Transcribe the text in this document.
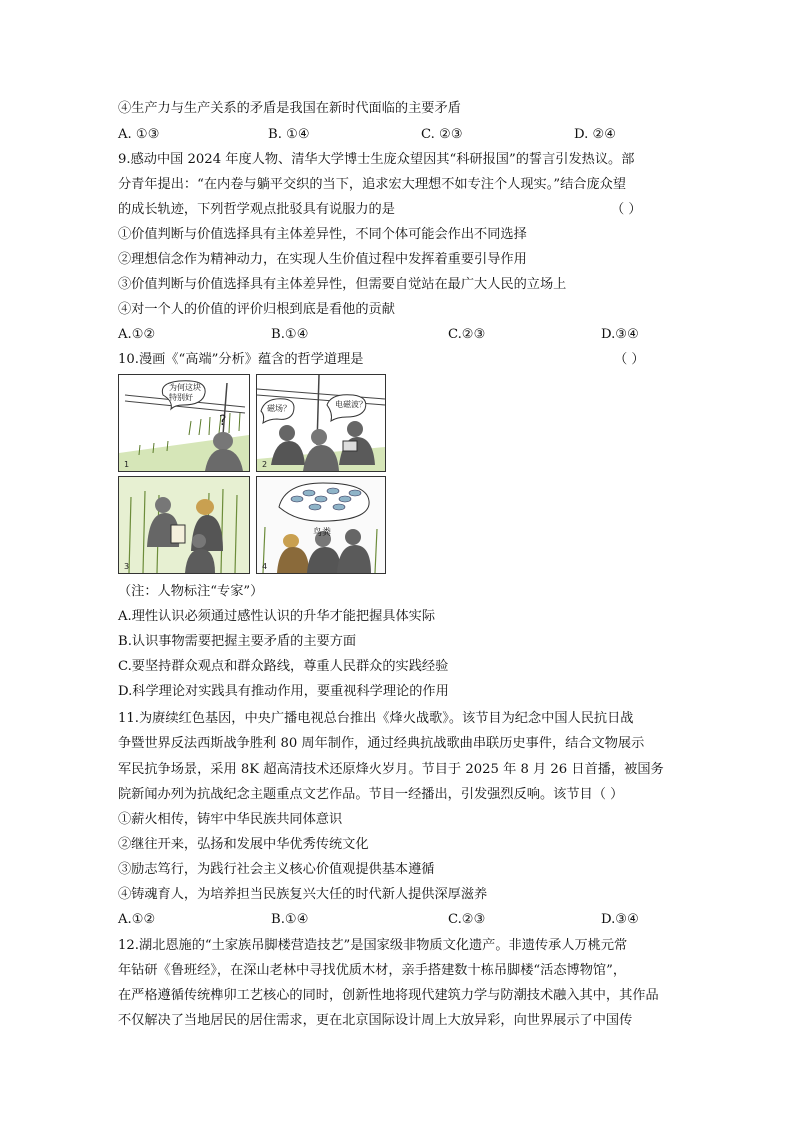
④生产力与生产关系的矛盾是我国在新时代面临的主要矛盾
A. ①③	B. ①④	C. ②③	D. ②④
9.感动中国 2024 年度人物、清华大学博士生庞众望因其“科研报国”的誓言引发热议。部
分青年提出：“在内卷与躺平交织的当下，追求宏大理想不如专注个人现实。”结合庞众望
的成长轨迹，下列哲学观点批驳具有说服力的是	（ ）
①价值判断与价值选择具有主体差异性，不同个体可能会作出不同选择
②理想信念作为精神动力，在实现人生价值过程中发挥着重要引导作用
③价值判断与价值选择具有主体差异性，但需要自觉站在最广大人民的立场上
④对一个人的价值的评价归根到底是看他的贡献
A.①②	B.①④	C.②③	D.③④
10.漫画《“高端”分析》蕴含的哲学道理是	（ ）
?
1
为何这块特别好
2
磁场？	电磁波？
3	4
鸟粪
（注：人物标注“专家”）
A.理性认识必须通过感性认识的升华才能把握具体实际
B.认识事物需要把握主要矛盾的主要方面
C.要坚持群众观点和群众路线，尊重人民群众的实践经验
D.科学理论对实践具有推动作用，要重视科学理论的作用
11.为赓续红色基因，中央广播电视总台推出《烽火战歌》。该节目为纪念中国人民抗日战
争暨世界反法西斯战争胜利 80 周年制作，通过经典抗战歌曲串联历史事件，结合文物展示
军民抗争场景，采用 8K 超高清技术还原烽火岁月。节目于 2025 年 8 月 26 日首播，被国务
院新闻办列为抗战纪念主题重点文艺作品。节目一经播出，引发强烈反响。该节目（ ）
①薪火相传，铸牢中华民族共同体意识
②继往开来，弘扬和发展中华优秀传统文化
③励志笃行，为践行社会主义核心价值观提供基本遵循
④铸魂育人，为培养担当民族复兴大任的时代新人提供深厚滋养
A.①②	B.①④	C.②③	D.③④
12.湖北恩施的“土家族吊脚楼营造技艺”是国家级非物质文化遗产。非遗传承人万桃元常
年钻研《鲁班经》，在深山老林中寻找优质木材，亲手搭建数十栋吊脚楼“活态博物馆”，
在严格遵循传统榫卯工艺核心的同时，创新性地将现代建筑力学与防潮技术融入其中，其作品
不仅解决了当地居民的居住需求，更在北京国际设计周上大放异彩，向世界展示了中国传
